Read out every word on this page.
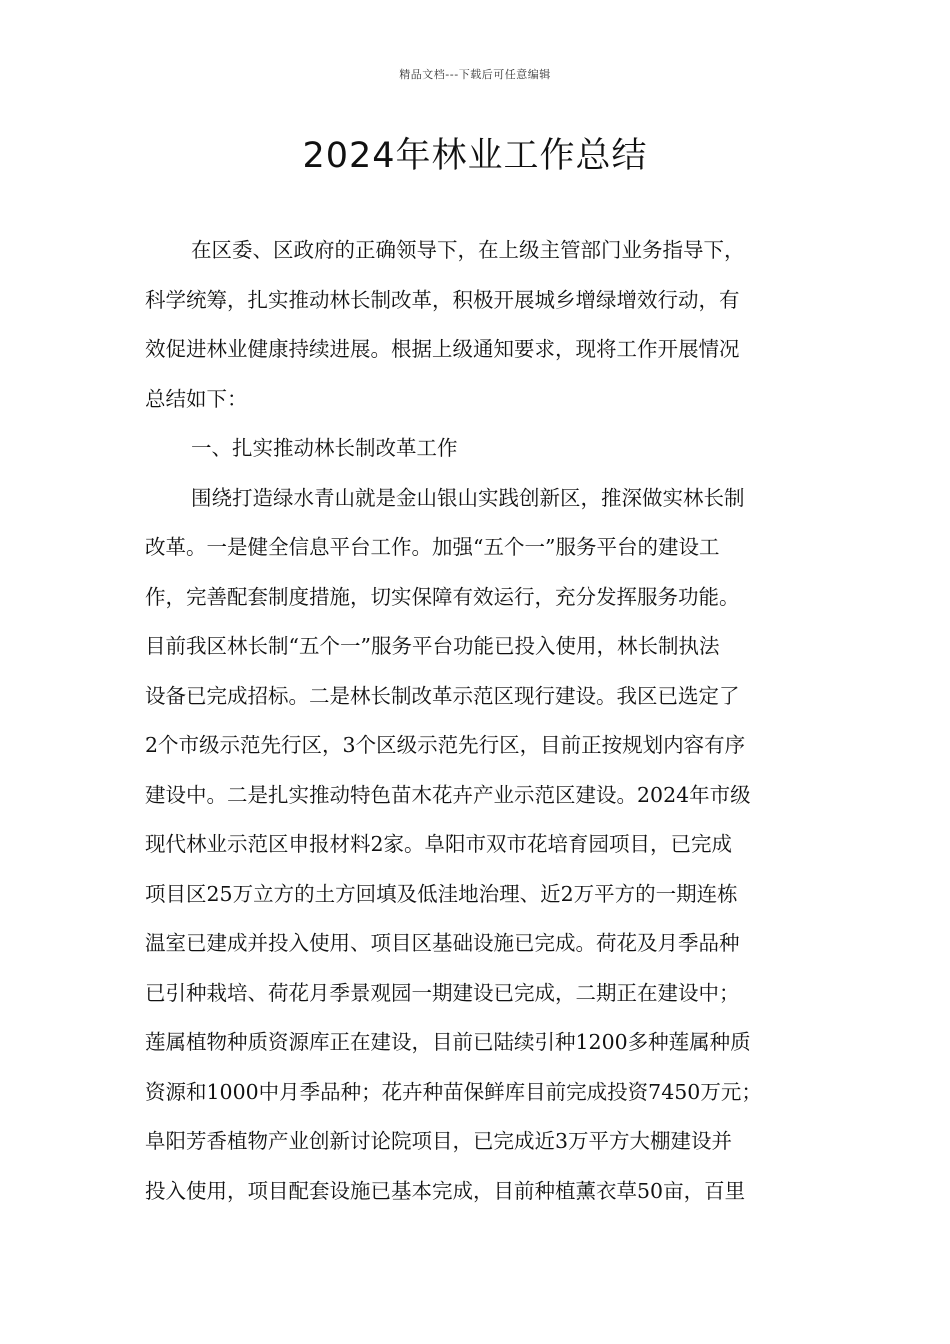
精品文档---下载后可任意编辑
2024年林业工作总结
在区委、区政府的正确领导下，在上级主管部门业务指导下，
科学统筹，扎实推动林长制改革，积极开展城乡增绿增效行动，有
效促进林业健康持续进展。根据上级通知要求，现将工作开展情况
总结如下：
一、扎实推动林长制改革工作
围绕打造绿水青山就是金山银山实践创新区，推深做实林长制
改革。一是健全信息平台工作。加强“五个一”服务平台的建设工
作，完善配套制度措施，切实保障有效运行，充分发挥服务功能。
目前我区林长制“五个一”服务平台功能已投入使用，林长制执法
设备已完成招标。二是林长制改革示范区现行建设。我区已选定了
2个市级示范先行区，3个区级示范先行区，目前正按规划内容有序
建设中。二是扎实推动特色苗木花卉产业示范区建设。2024年市级
现代林业示范区申报材料2家。阜阳市双市花培育园项目，已完成
项目区25万立方的土方回填及低洼地治理、近2万平方的一期连栋
温室已建成并投入使用、项目区基础设施已完成。荷花及月季品种
已引种栽培、荷花月季景观园一期建设已完成，二期正在建设中；
莲属植物种质资源库正在建设，目前已陆续引种1200多种莲属种质
资源和1000中月季品种；花卉种苗保鲜库目前完成投资7450万元；
阜阳芳香植物产业创新讨论院项目，已完成近3万平方大棚建设并
投入使用，项目配套设施已基本完成，目前种植薰衣草50亩，百里
